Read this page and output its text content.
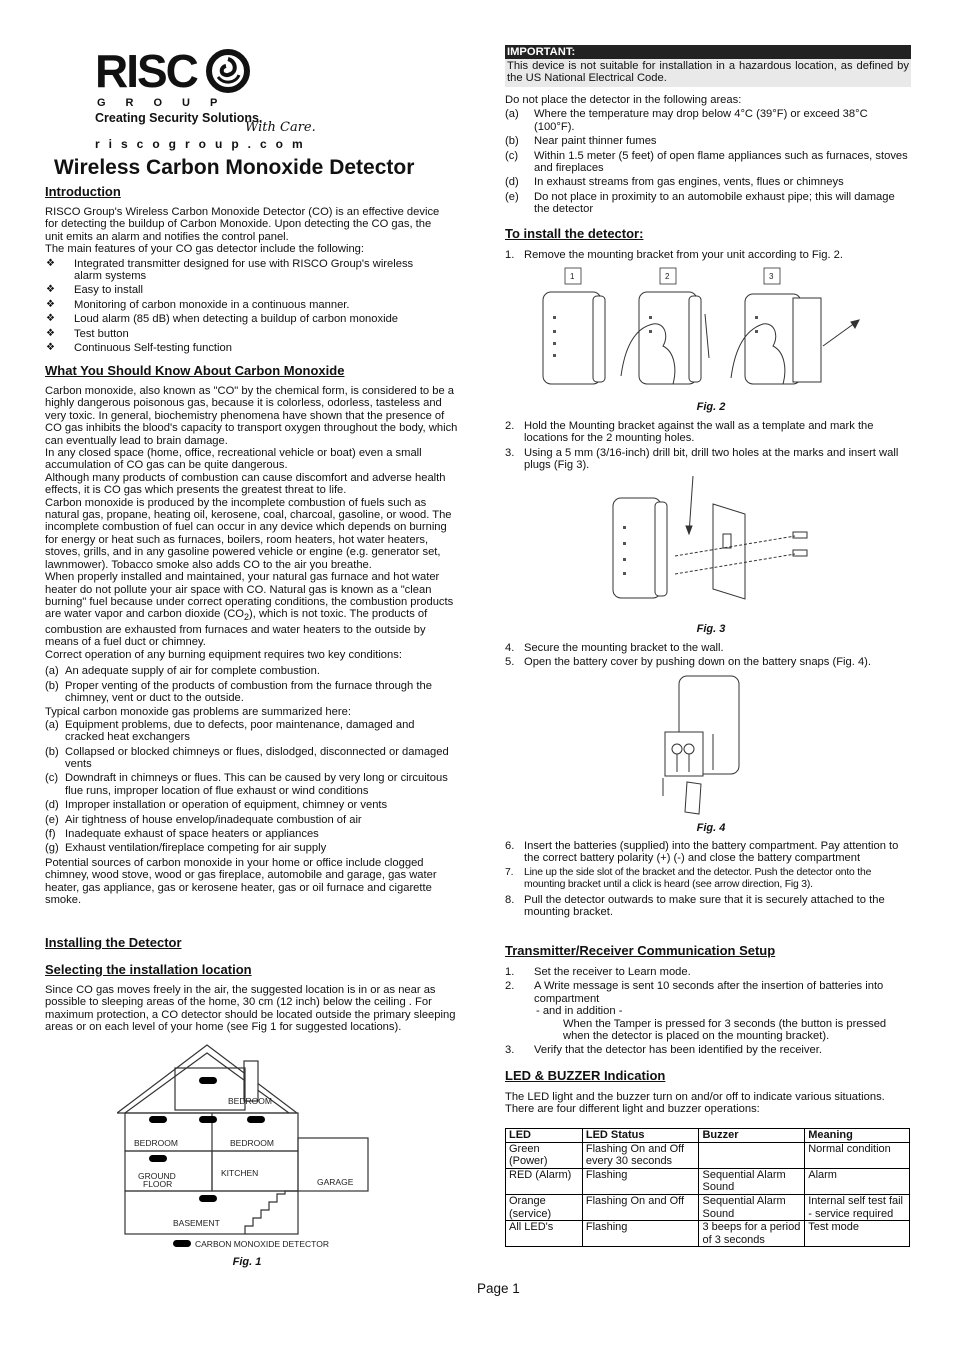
RISC
GROUP
Creating Security Solutions.
With Care.
riscogroup.com
Wireless Carbon Monoxide Detector
Introduction

RISCO Group's Wireless Carbon Monoxide Detector (CO) is an effective device for detecting the buildup of Carbon Monoxide. Upon detecting the CO gas, the unit emits an alarm and notifies the control panel.

The main features of your CO gas detector include the following:

❖ Integrated transmitter designed for use with RISCO Group's wireless alarm systems
❖ Easy to install
❖ Monitoring of carbon monoxide in a continuous manner.
❖ Loud alarm (85 dB) when detecting a buildup of carbon monoxide
❖ Test button
❖ Continuous Self-testing function
What You Should Know About Carbon Monoxide

Carbon monoxide, also known as "CO" by the chemical form, is considered to be a highly dangerous poisonous gas, because it is colorless, odorless, tasteless and very toxic. In general, biochemistry phenomena have shown that the presence of CO gas inhibits the blood's capacity to transport oxygen throughout the body, which can eventually lead to brain damage.

In any closed space (home, office, recreational vehicle or boat) even a small accumulation of CO gas can be quite dangerous.

Although many products of combustion can cause discomfort and adverse health effects, it is CO gas which presents the greatest threat to life.

Carbon monoxide is produced by the incomplete combustion of fuels such as natural gas, propane, heating oil, kerosene, coal, charcoal, gasoline, or wood. The incomplete combustion of fuel can occur in any device which depends on burning for energy or heat such as furnaces, boilers, room heaters, hot water heaters, stoves, grills, and in any gasoline powered vehicle or engine (e.g. generator set, lawnmower). Tobacco smoke also adds CO to the air you breathe.

When properly installed and maintained, your natural gas furnace and hot water heater do not pollute your air space with CO. Natural gas is known as a "clean burning" fuel because under correct operating conditions, the combustion products are water vapor and carbon dioxide $(CO_2)$, which is not toxic. The products of combustion are exhausted from furnaces and water heaters to the outside by means of a fuel duct or chimney.

Correct operation of any burning equipment requires two key conditions:

(a) An adequate supply of air for complete combustion.
(b) Proper venting of the products of combustion from the furnace through the chimney, vent or duct to the outside.

Typical carbon monoxide gas problems are summarized here:

(a) Equipment problems, due to defects, poor maintenance, damaged and cracked heat exchangers
(b) Collapsed or blocked chimneys or flues, dislodged, disconnected or damaged vents
(c) Downdraft in chimneys or flues. This can be caused by very long or circuitous flue runs, improper location of flue exhaust or wind conditions
(d) Improper installation or operation of equipment, chimney or vents
(e) Air tightness of house envelop/inadequate combustion of air
(f) Inadequate exhaust of space heaters or appliances
(g) Exhaust ventilation/fireplace competing for air supply

Potential sources of carbon monoxide in your home or office include clogged chimney, wood stove, wood or gas fireplace, automobile and garage, gas water heater, gas appliance, gas or kerosene heater, gas or oil furnace and cigarette smoke.

Installing the Detector
Selecting the installation location
Since CO gas moves freely in the air, the suggested location is in or as near as possible to sleeping areas of the home, 30 cm (12 inch) below the ceiling . For maximum protection, a CO detector should be located outside the primary sleeping areas or on each level of your home (see Fig 1 for suggested locations).
BEDROOM
BEDROOM	BEDROOM
GROUND
FLOOR
KITCHEN
GARAGE
BASEMENT
CARBON MONOXIDE DETECTOR
Fig. 1
IMPORTANT:
This device is not suitable for installation in a hazardous location, as defined by the US National Electrical Code.

Do not place the detector in the following areas:

(a) Where the temperature may drop below 4°C (39°F) or exceed 38°C (100°F).
(b) Near paint thinner fumes
(c) Within 1.5 meter (5 feet) of open flame appliances such as furnaces, stoves and fireplaces
(d) In exhaust streams from gas engines, vents, flues or chimneys
(e) Do not place in proximity to an automobile exhaust pipe; this will damage the detector
To install the detector:
1. Remove the mounting bracket from your unit according to Fig. 2.
1	2	3
Fig. 2
2. Hold the Mounting bracket against the wall as a template and mark the locations for the 2 mounting holes.
3. Using a 5 mm (3/16-inch) drill bit, drill two holes at the marks and insert wall plugs (Fig 3).
Fig. 3
4. Secure the mounting bracket to the wall.
5. Open the battery cover by pushing down on the battery snaps (Fig. 4).
Fig. 4
6. Insert the batteries (supplied) into the battery compartment. Pay attention to the correct battery polarity (+) (-) and close the battery compartment
7. Line up the side slot of the bracket and the detector. Push the detector onto the mounting bracket until a click is heard (see arrow direction, Fig 3).
8. Pull the detector outwards to make sure that it is securely attached to the mounting bracket.
Transmitter/Receiver Communication Setup
1. Set the receiver to Learn mode.
2. A Write message is sent 10 seconds after the insertion of batteries into compartment
- and in addition -
When the Tamper is pressed for 3 seconds (the button is pressed when the detector is placed on the mounting bracket).
3. Verify that the detector has been identified by the receiver.
LED & BUZZER Indication
The LED light and the buzzer turn on and/or off to indicate various situations. There are four different light and buzzer operations:
LED	LED Status	Buzzer	Meaning
Green (Power)	Flashing On and Off every 30 seconds		Normal condition
RED (Alarm)	Flashing	Sequential Alarm Sound	Alarm
Orange (service)	Flashing On and Off	Sequential Alarm Sound	Internal self test fail - service required
All LED's	Flashing	3 beeps for a period of 3 seconds	Test mode
Page 1
